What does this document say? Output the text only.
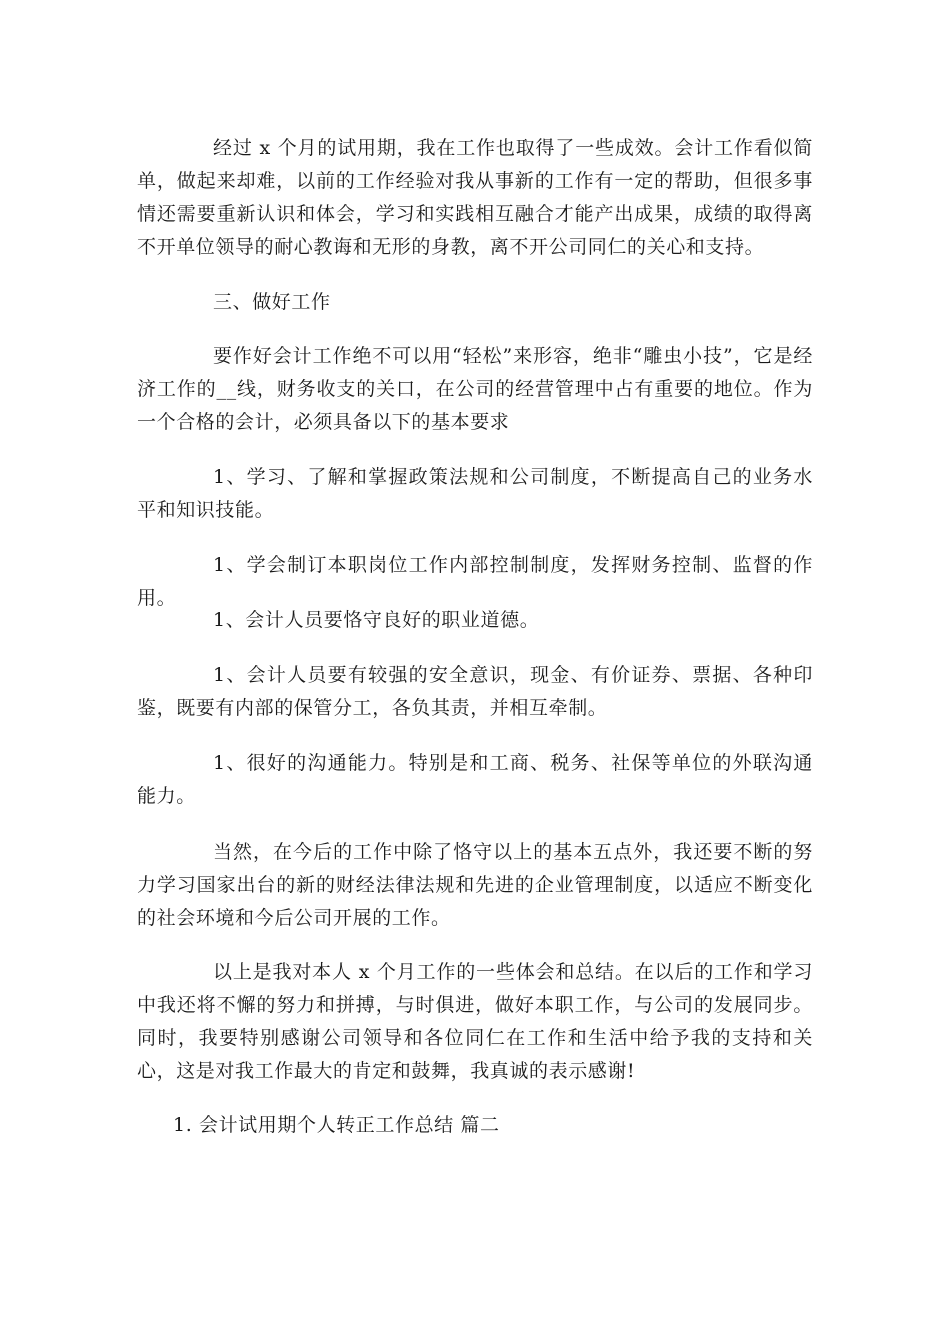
经过 x 个月的试用期，我在工作也取得了一些成效。会计工作看似简单，做起来却难，以前的工作经验对我从事新的工作有一定的帮助，但很多事情还需要重新认识和体会，学习和实践相互融合才能产出成果，成绩的取得离不开单位领导的耐心教诲和无形的身教，离不开公司同仁的关心和支持。

三、做好工作

要作好会计工作绝不可以用“轻松”来形容，绝非“雕虫小技”，它是经济工作的__线，财务收支的关口，在公司的经营管理中占有重要的地位。作为一个合格的会计，必须具备以下的基本要求

1、学习、了解和掌握政策法规和公司制度，不断提高自己的业务水平和知识技能。

1、学会制订本职岗位工作内部控制制度，发挥财务控制、监督的作用。

1、会计人员要恪守良好的职业道德。

1、会计人员要有较强的安全意识，现金、有价证券、票据、各种印鉴，既要有内部的保管分工，各负其责，并相互牵制。

1、很好的沟通能力。特别是和工商、税务、社保等单位的外联沟通能力。

当然，在今后的工作中除了恪守以上的基本五点外，我还要不断的努力学习国家出台的新的财经法律法规和先进的企业管理制度，以适应不断变化的社会环境和今后公司开展的工作。

以上是我对本人 x 个月工作的一些体会和总结。在以后的工作和学习中我还将不懈的努力和拼搏，与时俱进，做好本职工作，与公司的发展同步。同时，我要特别感谢公司领导和各位同仁在工作和生活中给予我的支持和关心，这是对我工作最大的肯定和鼓舞，我真诚的表示感谢!

1. 会计试用期个人转正工作总结 篇二
